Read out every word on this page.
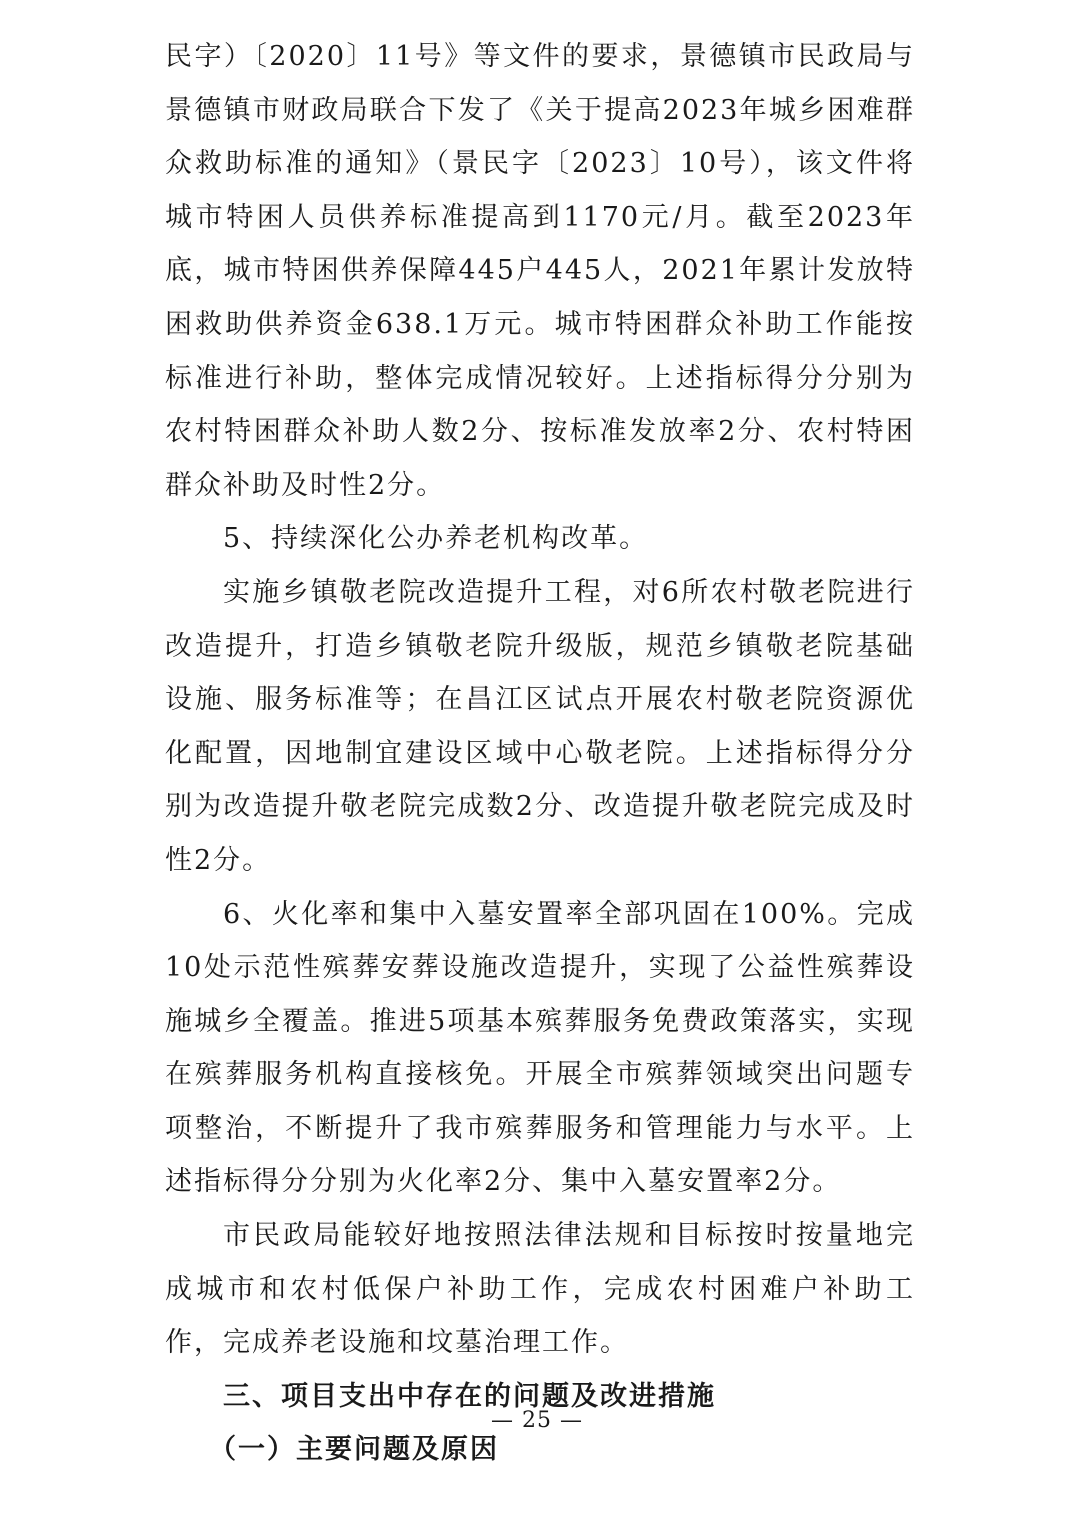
民字）〔2020〕11号》等文件的要求，景德镇市民政局与景德镇市财政局联合下发了《关于提高2023年城乡困难群众救助标准的通知》（景民字〔2023〕10号），该文件将城市特困人员供养标准提高到1170元/月。截至2023年底，城市特困供养保障445户445人，2021年累计发放特困救助供养资金638.1万元。城市特困群众补助工作能按标准进行补助，整体完成情况较好。上述指标得分分别为农村特困群众补助人数2分、按标准发放率2分、农村特困群众补助及时性2分。

5、持续深化公办养老机构改革。

实施乡镇敬老院改造提升工程，对6所农村敬老院进行改造提升，打造乡镇敬老院升级版，规范乡镇敬老院基础设施、服务标准等；在昌江区试点开展农村敬老院资源优化配置，因地制宜建设区域中心敬老院。上述指标得分分别为改造提升敬老院完成数2分、改造提升敬老院完成及时性2分。

6、火化率和集中入墓安置率全部巩固在100%。完成10处示范性殡葬安葬设施改造提升，实现了公益性殡葬设施城乡全覆盖。推进5项基本殡葬服务免费政策落实，实现在殡葬服务机构直接核免。开展全市殡葬领域突出问题专项整治，不断提升了我市殡葬服务和管理能力与水平。上述指标得分分别为火化率2分、集中入墓安置率2分。

市民政局能较好地按照法律法规和目标按时按量地完成城市和农村低保户补助工作，完成农村困难户补助工作，完成养老设施和坟墓治理工作。

三、项目支出中存在的问题及改进措施

（一）主要问题及原因

— 25 —
